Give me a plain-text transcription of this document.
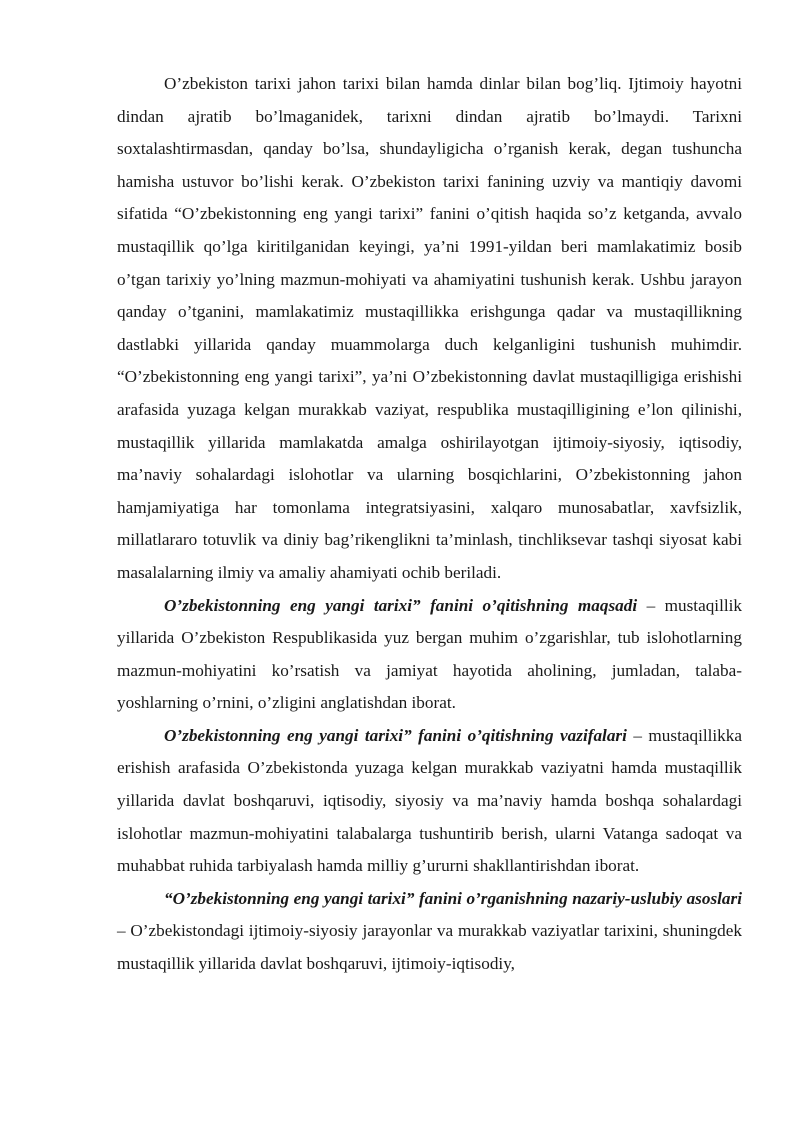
O’zbekiston tarixi jahon tarixi bilan hamda dinlar bilan bog’liq. Ijtimoiy hayotni dindan ajratib bo’lmaganidek, tarixni dindan ajratib bo’lmaydi. Tarixni soxtalashtirmasdan, qanday bo’lsa, shundayligicha o’rganish kerak, degan tushuncha hamisha ustuvor bo’lishi kerak. O’zbekiston tarixi fanining uzviy va mantiqiy davomi sifatida “O’zbekistonning eng yangi tarixi” fanini o’qitish haqida so’z ketganda, avvalo mustaqillik qo’lga kiritilganidan keyingi, ya’ni 1991-yildan beri mamlakatimiz bosib o’tgan tarixiy yo’lning mazmun-mohiyati va ahamiyatini tushunish kerak. Ushbu jarayon qanday o’tganini, mamlakatimiz mustaqillikka erishgunga qadar va mustaqillikning dastlabki yillarida qanday muammolarga duch kelganligini tushunish muhimdir. “O’zbekistonning eng yangi tarixi”, ya’ni O’zbekistonning davlat mustaqilligiga erishishi arafasida yuzaga kelgan murakkab vaziyat, respublika mustaqilligining e’lon qilinishi, mustaqillik yillarida mamlakatda amalga oshirilayotgan ijtimoiy-siyosiy, iqtisodiy, ma’naviy sohalardagi islohotlar va ularning bosqichlarini, O’zbekistonning jahon hamjamiyatiga har tomonlama integratsiyasini, xalqaro munosabatlar, xavfsizlik, millatlararo totuvlik va diniy bag’rikenglikni ta’minlash, tinchliksevar tashqi siyosat kabi masalalarning ilmiy va amaliy ahamiyati ochib beriladi.

O’zbekistonning eng yangi tarixi” fanini o’qitishning maqsadi – mustaqillik yillarida O’zbekiston Respublikasida yuz bergan muhim o’zgarishlar, tub islohotlarning mazmun-mohiyatini ko’rsatish va jamiyat hayotida aholining, jumladan, talaba-yoshlarning o’rnini, o’zligini anglatishdan iborat.

O’zbekistonning eng yangi tarixi” fanini o’qitishning vazifalari – mustaqillikka erishish arafasida O’zbekistonda yuzaga kelgan murakkab vaziyatni hamda mustaqillik yillarida davlat boshqaruvi, iqtisodiy, siyosiy va ma’naviy hamda boshqa sohalardagi islohotlar mazmun-mohiyatini talabalarga tushuntirib berish, ularni Vatanga sadoqat va muhabbat ruhida tarbiyalash hamda milliy g’ururni shakllantirishdan iborat.

“O’zbekistonning eng yangi tarixi” fanini o’rganishning nazariy-uslubiy asoslari – O’zbekistondagi ijtimoiy-siyosiy jarayonlar va murakkab vaziyatlar tarixini, shuningdek mustaqillik yillarida davlat boshqaruvi, ijtimoiy-iqtisodiy,
